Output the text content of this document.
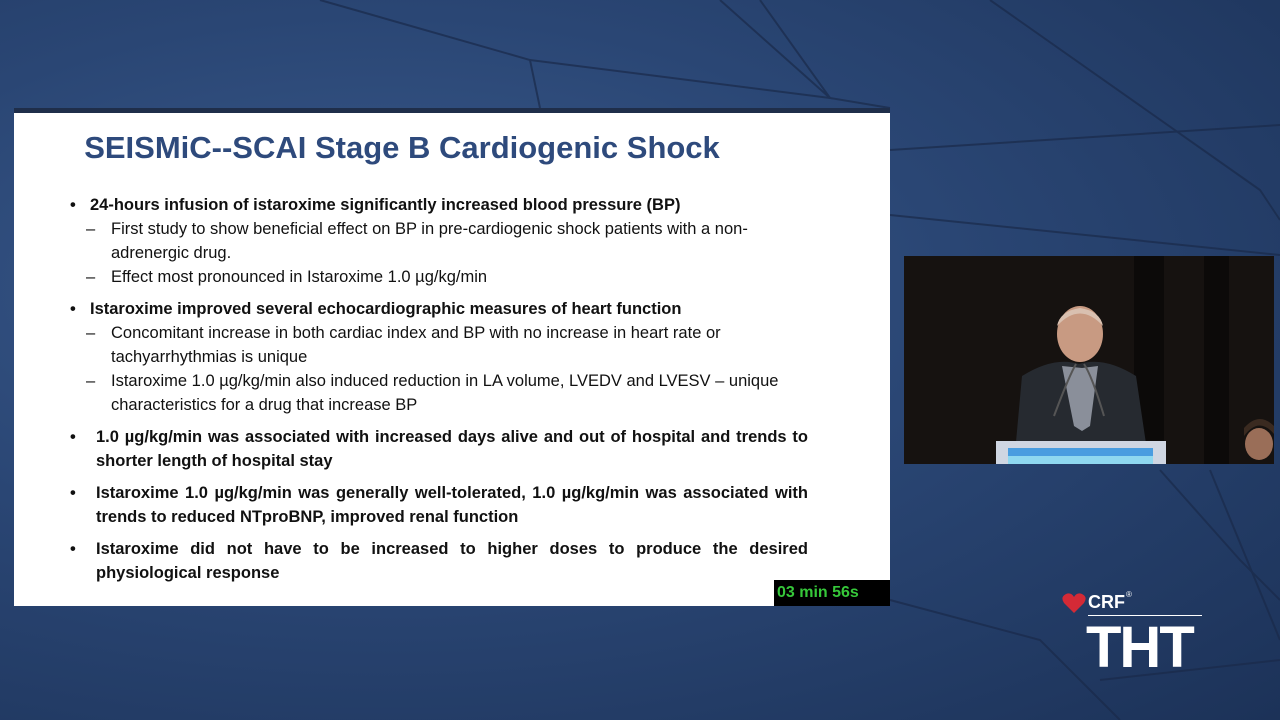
SEISMiC--SCAI Stage B Cardiogenic Shock
• 24-hours infusion of istaroxime significantly increased blood pressure (BP)
– First study to show beneficial effect on BP in pre-cardiogenic shock patients with a non-adrenergic drug.
– Effect most pronounced in Istaroxime 1.0 µg/kg/min
• Istaroxime improved several echocardiographic measures of heart function
– Concomitant increase in both cardiac index and BP with no increase in heart rate or tachyarrhythmias is unique
– Istaroxime 1.0 µg/kg/min also induced reduction in LA volume, LVEDV and LVESV – unique characteristics for a drug that increase BP
• 1.0 µg/kg/min was associated with increased days alive and out of hospital and trends to shorter length of hospital stay
• Istaroxime 1.0 µg/kg/min was generally well-tolerated, 1.0 µg/kg/min was associated with trends to reduced NTproBNP, improved renal function
• Istaroxime did not have to be increased to higher doses to produce the desired physiological response
03 min 56s	CRF ®
THT
